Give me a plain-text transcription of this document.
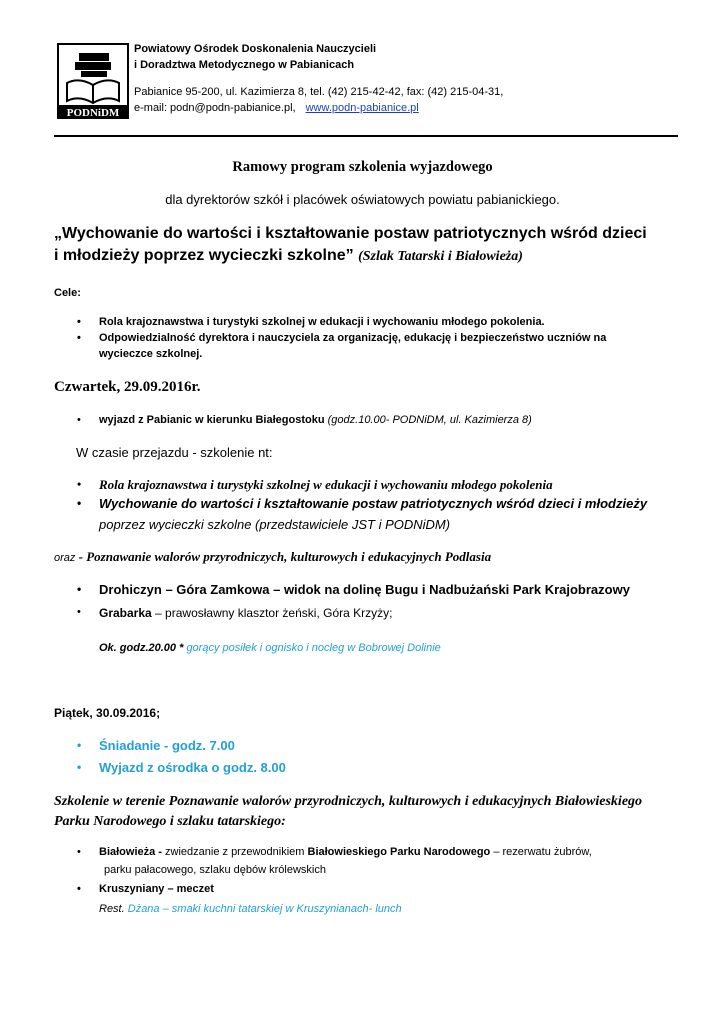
PODNiDM
Powiatowy Ośrodek Doskonalenia Nauczycieli
i Doradztwa Metodycznego w Pabianicach
Pabianice 95-200, ul. Kazimierza 8, tel. (42) 215-42-42, fax: (42) 215-04-31,
e-mail: podn@podn-pabianice.pl, www.podn-pabianice.pl
Ramowy program szkolenia wyjazdowego
dla dyrektorów szkół i placówek oświatowych powiatu pabianickiego.
„Wychowanie do wartości i kształtowanie postaw patriotycznych wśród dzieci
i młodzieży poprzez wycieczki szkolne” (Szlak Tatarski i Białowieża)
Cele:
• Rola krajoznawstwa i turystyki szkolnej w edukacji i wychowaniu młodego pokolenia.
• Odpowiedzialność dyrektora i nauczyciela za organizację, edukację i bezpieczeństwo uczniów na
wycieczce szkolnej.
Czwartek, 29.09.2016r.
• wyjazd z Pabianic w kierunku Białegostoku (godz.10.00- PODNiDM, ul. Kazimierza 8)
W czasie przejazdu - szkolenie nt:
• Rola krajoznawstwa i turystyki szkolnej w edukacji i wychowaniu młodego pokolenia
• Wychowanie do wartości i kształtowanie postaw patriotycznych wśród dzieci i młodzieży
poprzez wycieczki szkolne (przedstawiciele JST i PODNiDM)
oraz - Poznawanie walorów przyrodniczych, kulturowych i edukacyjnych Podlasia
• Drohiczyn – Góra Zamkowa – widok na dolinę Bugu i Nadbużański Park Krajobrazowy
• Grabarka – prawosławny klasztor żeński, Góra Krzyży;
Ok. godz.20.00 * gorący posiłek i ognisko i nocleg w Bobrowej Dolinie
Piątek, 30.09.2016;
• Śniadanie - godz. 7.00
• Wyjazd z ośrodka o godz. 8.00
Szkolenie w terenie Poznawanie walorów przyrodniczych, kulturowych i edukacyjnych Białowieskiego
Parku Narodowego i szlaku tatarskiego:
• Białowieża - zwiedzanie z przewodnikiem Białowieskiego Parku Narodowego – rezerwatu żubrów,
parku pałacowego, szlaku dębów królewskich
• Kruszyniany – meczet
Rest. Dżana – smaki kuchni tatarskiej w Kruszynianach- lunch
